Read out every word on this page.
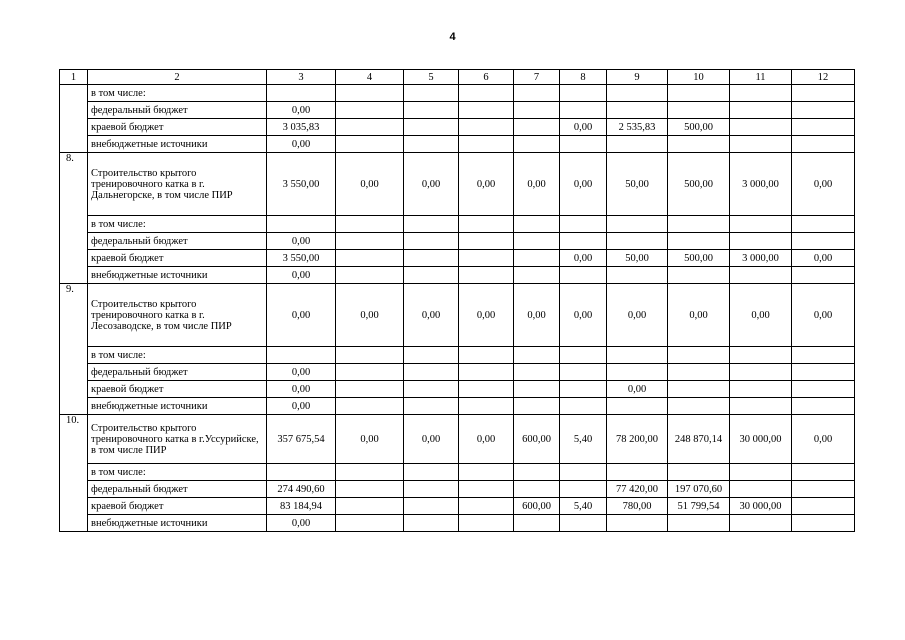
4
1	2	3	4	5	6	7	8	9	10	11	12
	в том числе:										
	федеральный бюджет	0,00									
	краевой бюджет	3 035,83					0,00	2 535,83	500,00		
	внебюджетные источники	0,00									
8.	Строительство крытого тренировочного катка в г. Дальнегорске, в том числе ПИР	3 550,00	0,00	0,00	0,00	0,00	0,00	50,00	500,00	3 000,00	0,00
	в том числе:										
	федеральный бюджет	0,00									
	краевой бюджет	3 550,00					0,00	50,00	500,00	3 000,00	0,00
	внебюджетные источники	0,00									
9.	Строительство крытого тренировочного катка в г. Лесозаводске, в том числе ПИР	0,00	0,00	0,00	0,00	0,00	0,00	0,00	0,00	0,00	0,00
	в том числе:										
	федеральный бюджет	0,00									
	краевой бюджет	0,00						0,00			
	внебюджетные источники	0,00									
10.	Строительство крытого тренировочного катка в г.Уссурийске, в том числе ПИР	357 675,54	0,00	0,00	0,00	600,00	5,40	78 200,00	248 870,14	30 000,00	0,00
	в том числе:										
	федеральный бюджет	274 490,60						77 420,00	197 070,60		
	краевой бюджет	83 184,94				600,00	5,40	780,00	51 799,54	30 000,00	
	внебюджетные источники	0,00									
